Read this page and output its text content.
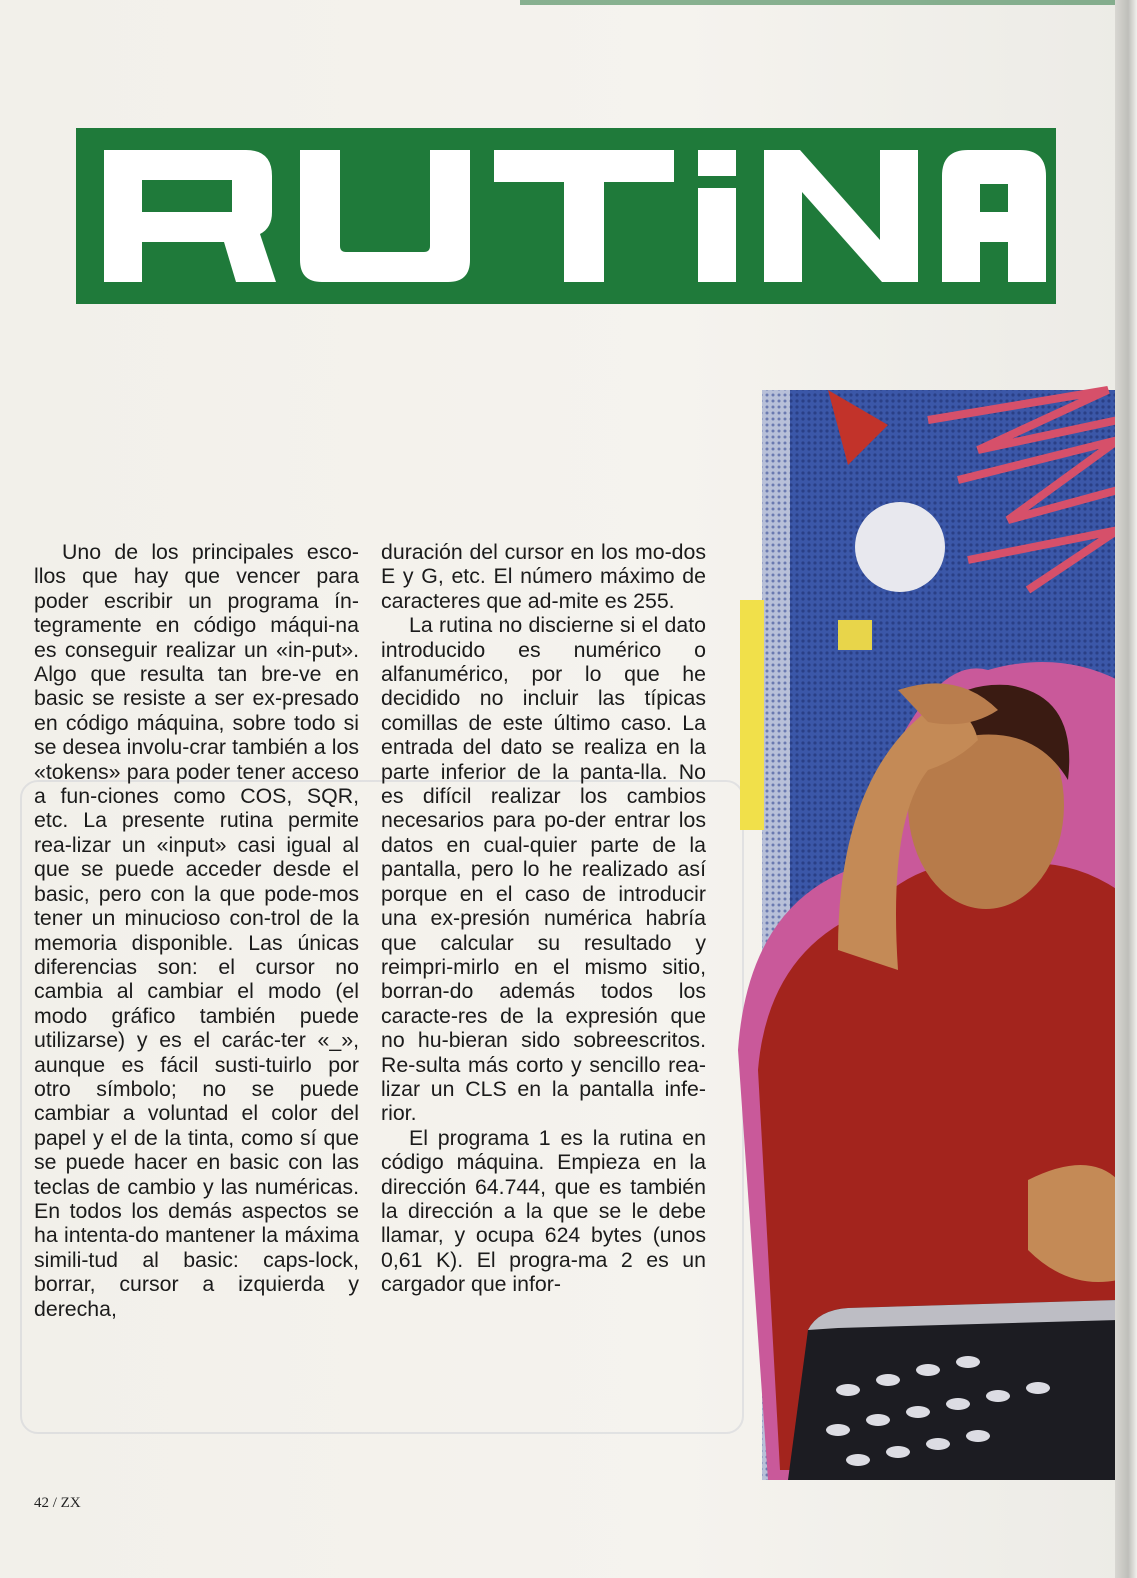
Uno de los principales esco-llos que hay que vencer para poder escribir un programa ín-tegramente en código máqui-na es conseguir realizar un «in-put». Algo que resulta tan bre-ve en basic se resiste a ser ex-presado en código máquina, sobre todo si se desea involu-crar también a los «tokens» para poder tener acceso a fun-ciones como COS, SQR, etc. La presente rutina permite rea-lizar un «input» casi igual al que se puede acceder desde el basic, pero con la que pode-mos tener un minucioso con-trol de la memoria disponible. Las únicas diferencias son: el cursor no cambia al cambiar el modo (el modo gráfico también puede utilizarse) y es el carác-ter «_», aunque es fácil susti-tuirlo por otro símbolo; no se puede cambiar a voluntad el color del papel y el de la tinta, como sí que se puede hacer en basic con las teclas de cambio y las numéricas. En todos los demás aspectos se ha intenta-do mantener la máxima simili-tud al basic: caps-lock, borrar, cursor a izquierda y derecha,

duración del cursor en los mo-dos E y G, etc. El número máximo de caracteres que ad-mite es 255.

La rutina no discierne si el dato introducido es numérico o alfanumérico, por lo que he decidido no incluir las típicas comillas de este último caso. La entrada del dato se realiza en la parte inferior de la panta-lla. No es difícil realizar los cambios necesarios para po-der entrar los datos en cual-quier parte de la pantalla, pero lo he realizado así porque en el caso de introducir una ex-presión numérica habría que calcular su resultado y reimpri-mirlo en el mismo sitio, borran-do además todos los caracte-res de la expresión que no hu-bieran sido sobreescritos. Re-sulta más corto y sencillo rea-lizar un CLS en la pantalla infe-rior.

El programa 1 es la rutina en código máquina. Empieza en la dirección 64.744, que es también la dirección a la que se le debe llamar, y ocupa 624 bytes (unos 0,61 K). El progra-ma 2 es un cargador que infor-

42 / ZX
